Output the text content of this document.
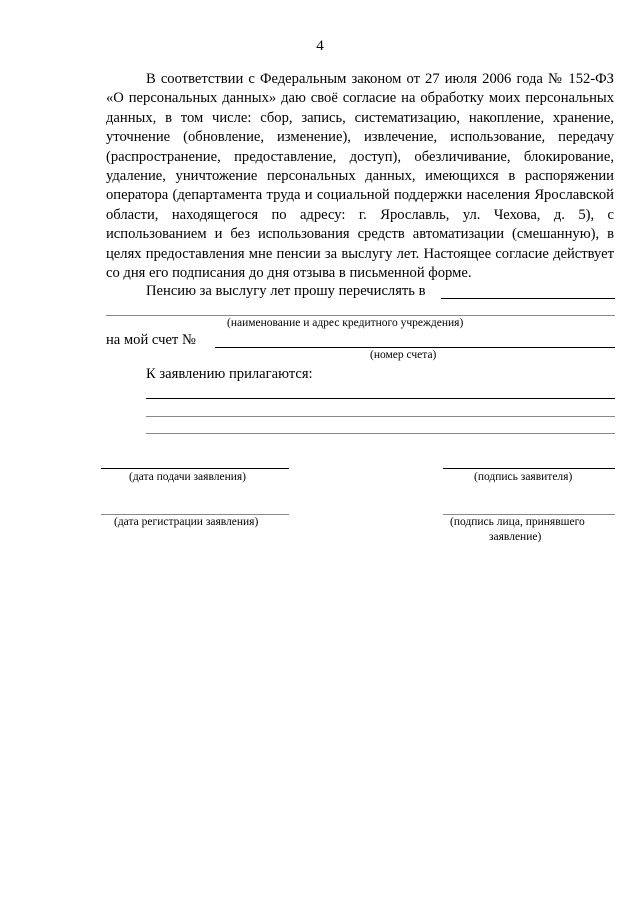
4
В соответствии с Федеральным законом от 27 июля 2006 года № 152-ФЗ «О персональных данных» даю своё согласие на обработку моих персональных данных, в том числе: сбор, запись, систематизацию, накопление, хранение, уточнение (обновление, изменение), извлечение, использование, передачу (распространение, предоставление, доступ), обезличивание, блокирование, удаление, уничтожение персональных данных, имеющихся в распоряжении оператора (департамента труда и социальной поддержки населения Ярославской области, находящегося по адресу: г. Ярославль, ул. Чехова, д. 5), с использованием и без использования средств автоматизации (смешанную), в целях предоставления мне пенсии за выслугу лет. Настоящее согласие действует со дня его подписания до дня отзыва в письменной форме.
Пенсию за выслугу лет прошу перечислять в
(наименование и адрес кредитного учреждения)
на мой счет №
(номер счета)
К заявлению прилагаются:
(дата подачи заявления)	(подпись заявителя)
(дата регистрации заявления)	(подпись лица, принявшего
заявление)
